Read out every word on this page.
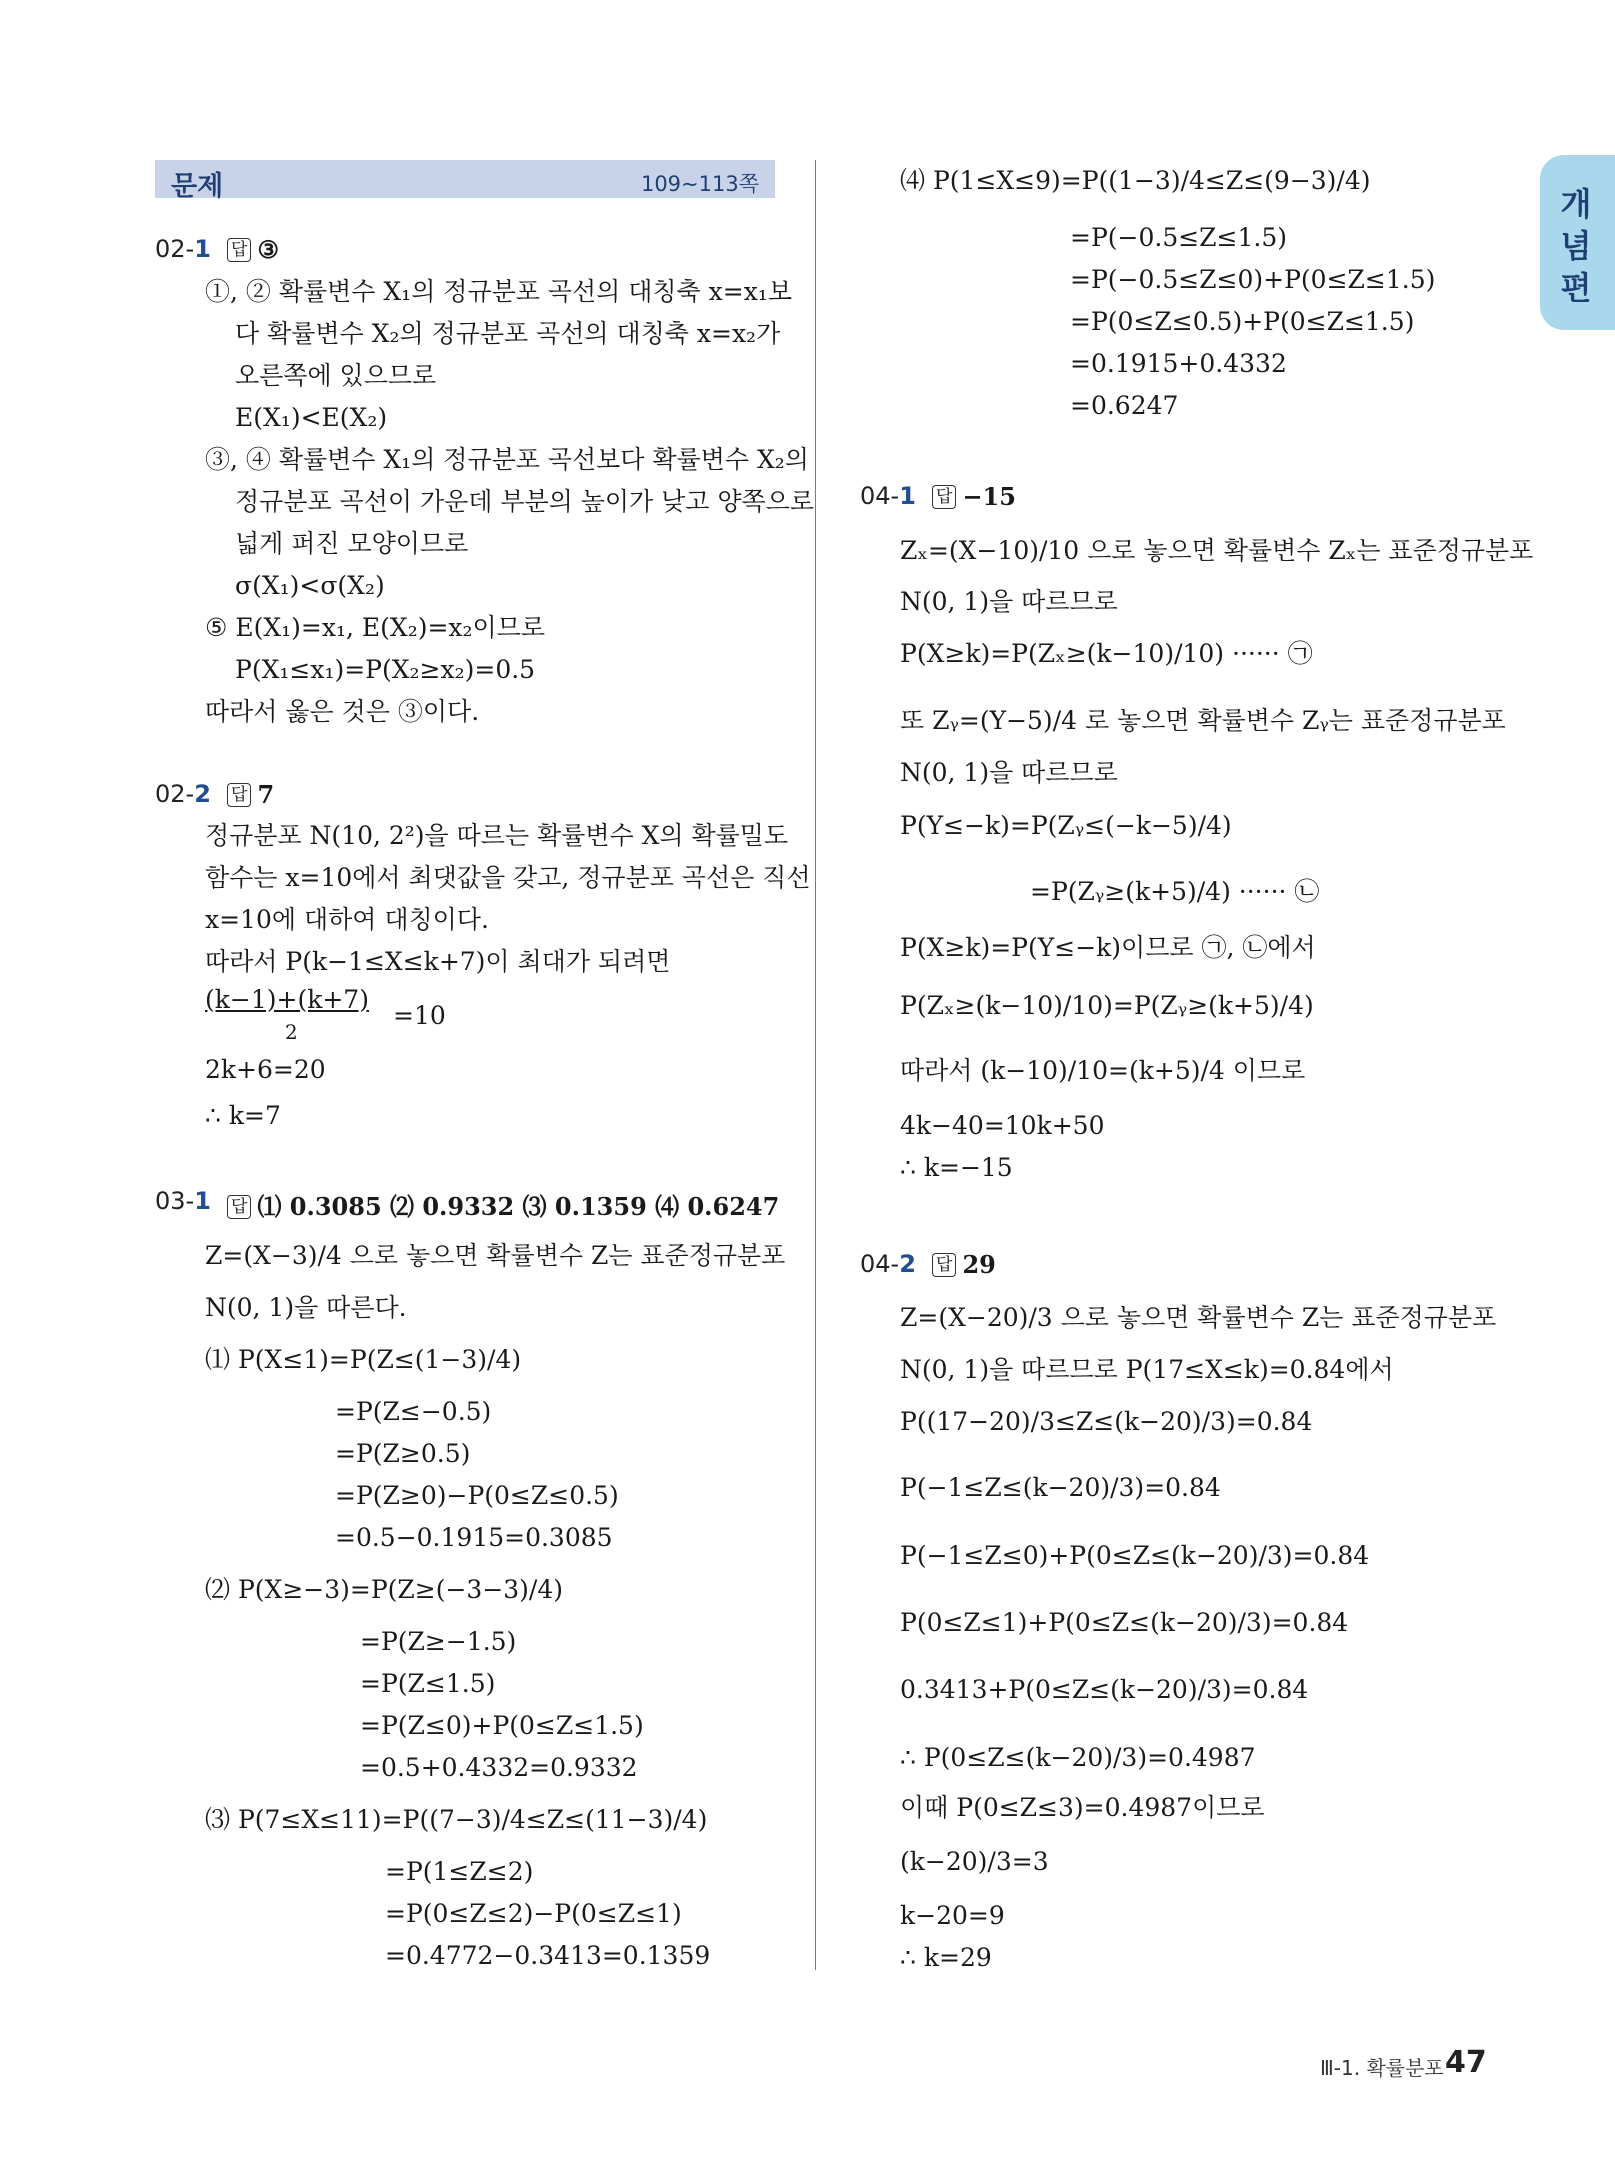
문제	109∼113쪽
02-1 답 ③
①, ② 확률변수 X₁의 정규분포 곡선의 대칭축 x=x₁보
다 확률변수 X₂의 정규분포 곡선의 대칭축 x=x₂가
오른쪽에 있으므로
E(X₁)<E(X₂)
③, ④ 확률변수 X₁의 정규분포 곡선보다 확률변수 X₂의
정규분포 곡선이 가운데 부분의 높이가 낮고 양쪽으로
넓게 퍼진 모양이므로
σ(X₁)<σ(X₂)
⑤ E(X₁)=x₁, E(X₂)=x₂이므로
P(X₁≤x₁)=P(X₂≥x₂)=0.5
따라서 옳은 것은 ③이다.
02-2 답 7
정규분포 N(10, 2²)을 따르는 확률변수 X의 확률밀도
함수는 x=10에서 최댓값을 갖고, 정규분포 곡선은 직선
x=10에 대하여 대칭이다.
따라서 P(k−1≤X≤k+7)이 최대가 되려면
(k−1)+(k+7)
2
=10
2k+6=20
∴ k=7
03-1 답 ⑴ 0.3085 ⑵ 0.9332 ⑶ 0.1359 ⑷ 0.6247
Z=(X−3)/4 으로 놓으면 확률변수 Z는 표준정규분포
N(0, 1)을 따른다.
⑴ P(X≤1)=P(Z≤(1−3)/4)
=P(Z≤−0.5)
=P(Z≥0.5)
=P(Z≥0)−P(0≤Z≤0.5)
=0.5−0.1915=0.3085
⑵ P(X≥−3)=P(Z≥(−3−3)/4)
=P(Z≥−1.5)
=P(Z≤1.5)
=P(Z≤0)+P(0≤Z≤1.5)
=0.5+0.4332=0.9332
⑶ P(7≤X≤11)=P((7−3)/4≤Z≤(11−3)/4)
=P(1≤Z≤2)
=P(0≤Z≤2)−P(0≤Z≤1)
=0.4772−0.3413=0.1359
⑷ P(1≤X≤9)=P((1−3)/4≤Z≤(9−3)/4)
=P(−0.5≤Z≤1.5)
=P(−0.5≤Z≤0)+P(0≤Z≤1.5)
=P(0≤Z≤0.5)+P(0≤Z≤1.5)
=0.1915+0.4332
=0.6247
04-1 답 −15
Zₓ=(X−10)/10 으로 놓으면 확률변수 Zₓ는 표준정규분포
N(0, 1)을 따르므로
P(X≥k)=P(Zₓ≥(k−10)/10) ······ ㉠
또 Zᵧ=(Y−5)/4 로 놓으면 확률변수 Zᵧ는 표준정규분포
N(0, 1)을 따르므로
P(Y≤−k)=P(Zᵧ≤(−k−5)/4)
=P(Zᵧ≥(k+5)/4) ······ ㉡
P(X≥k)=P(Y≤−k)이므로 ㉠, ㉡에서
P(Zₓ≥(k−10)/10)=P(Zᵧ≥(k+5)/4)
따라서 (k−10)/10=(k+5)/4 이므로
4k−40=10k+50
∴ k=−15
04-2 답 29
Z=(X−20)/3 으로 놓으면 확률변수 Z는 표준정규분포
N(0, 1)을 따르므로 P(17≤X≤k)=0.84에서
P((17−20)/3≤Z≤(k−20)/3)=0.84
P(−1≤Z≤(k−20)/3)=0.84
P(−1≤Z≤0)+P(0≤Z≤(k−20)/3)=0.84
P(0≤Z≤1)+P(0≤Z≤(k−20)/3)=0.84
0.3413+P(0≤Z≤(k−20)/3)=0.84
∴ P(0≤Z≤(k−20)/3)=0.4987
이때 P(0≤Z≤3)=0.4987이므로
(k−20)/3=3
k−20=9
∴ k=29
개념편
Ⅲ-1. 확률분포 47
